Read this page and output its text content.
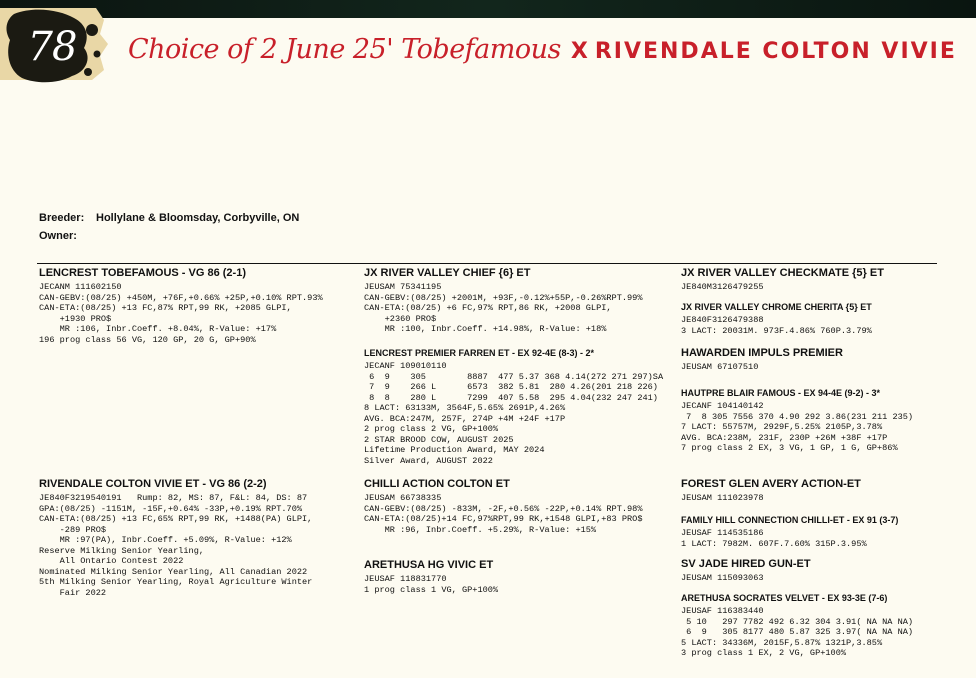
78 Choice of 2 June 25' Tobefamous X RIVENDALE COLTON VIVIE
Breeder: Hollylane & Bloomsday, Corbyville, ON
Owner:
LENCREST TOBEFAMOUS - VG 86 (2-1)
JECANM 111602150
CAN-GEBV:(08/25) +450M, +76F,+0.66% +25P,+0.10% RPT.93%
CAN-ETA:(08/25) +13 FC,87% RPT,99 RK, +2085 GLPI,
+1930 PRO$
MR :106, Inbr.Coeff. +8.04%, R-Value: +17%
196 prog class 56 VG, 120 GP, 20 G, GP+90%
RIVENDALE COLTON VIVIE ET - VG 86 (2-2)
JE840F3219540191   Rump: 82, MS: 87, F&L: 84, DS: 87
GPA:(08/25) -1151M, -15F,+0.64% -33P,+0.19% RPT.70%
CAN-ETA:(08/25) +13 FC,65% RPT,99 RK, +1488(PA) GLPI,
-289 PRO$
MR :97(PA), Inbr.Coeff. +5.09%, R-Value: +12%
Reserve Milking Senior Yearling,
All Ontario Contest 2022
Nominated Milking Senior Yearling, All Canadian 2022
5th Milking Senior Yearling, Royal Agriculture Winter
Fair 2022
JX RIVER VALLEY CHIEF {6} ET
JEUSAM 75341195
CAN-GEBV:(08/25) +2001M, +93F,-0.12%+55P,-0.26%RPT.99%
CAN-ETA:(08/25) +6 FC,97% RPT,86 RK, +2008 GLPI,
+2360 PRO$
MR :100, Inbr.Coeff. +14.98%, R-Value: +18%
LENCREST PREMIER FARREN ET - EX 92-4E (8-3) - 2*
JECANF 109010110
6  9    305        8887  477 5.37 368 4.14(272 271 297)SA
7  9    266 L      6573  382 5.81  280 4.26(201 218 226)
8  8    280 L      7299  407 5.58  295 4.04(232 247 241)
8 LACT: 63133M, 3564F,5.65% 2691P,4.26%
AVG. BCA:247M, 257F, 274P +4M +24F +17P
2 prog class 2 VG, GP+100%
2 STAR BROOD COW, AUGUST 2025
Lifetime Production Award, MAY 2024
Silver Award, AUGUST 2022
CHILLI ACTION COLTON ET
JEUSAM 66738335
CAN-GEBV:(08/25) -833M, -2F,+0.56% -22P,+0.14% RPT.98%
CAN-ETA:(08/25)+14 FC,97%RPT,99 RK,+1548 GLPI,+83 PRO$
MR :96, Inbr.Coeff. +5.29%, R-Value: +15%
ARETHUSA HG VIVIC ET
JEUSAF 118831770
1 prog class 1 VG, GP+100%
JX RIVER VALLEY CHECKMATE {5} ET
JE840M3126479255
JX RIVER VALLEY CHROME CHERITA {5} ET
JE840F3126479388
3 LACT: 20031M. 973F.4.86% 760P.3.79%
HAWARDEN IMPULS PREMIER
JEUSAM 67107510
HAUTPRE BLAIR FAMOUS - EX 94-4E (9-2) - 3*
JECANF 104140142
7  8 305 7556 370 4.90 292 3.86(231 211 235)
7 LACT: 55757M, 2929F,5.25% 2105P,3.78%
AVG. BCA:238M, 231F, 230P +26M +38F +17P
7 prog class 2 EX, 3 VG, 1 GP, 1 G, GP+86%
FOREST GLEN AVERY ACTION-ET
JEUSAM 111023978
FAMILY HILL CONNECTION CHILLI-ET - EX 91 (3-7)
JEUSAF 114535186
1 LACT: 7982M. 607F.7.60% 315P.3.95%
SV JADE HIRED GUN-ET
JEUSAM 115093063
ARETHUSA SOCRATES VELVET - EX 93-3E (7-6)
JEUSAF 116383440
5 10   297 7782 492 6.32 304 3.91( NA NA NA)
6  9   305 8177 480 5.87 325 3.97( NA NA NA)
5 LACT: 34336M, 2015F,5.87% 1321P,3.85%
3 prog class 1 EX, 2 VG, GP+100%
